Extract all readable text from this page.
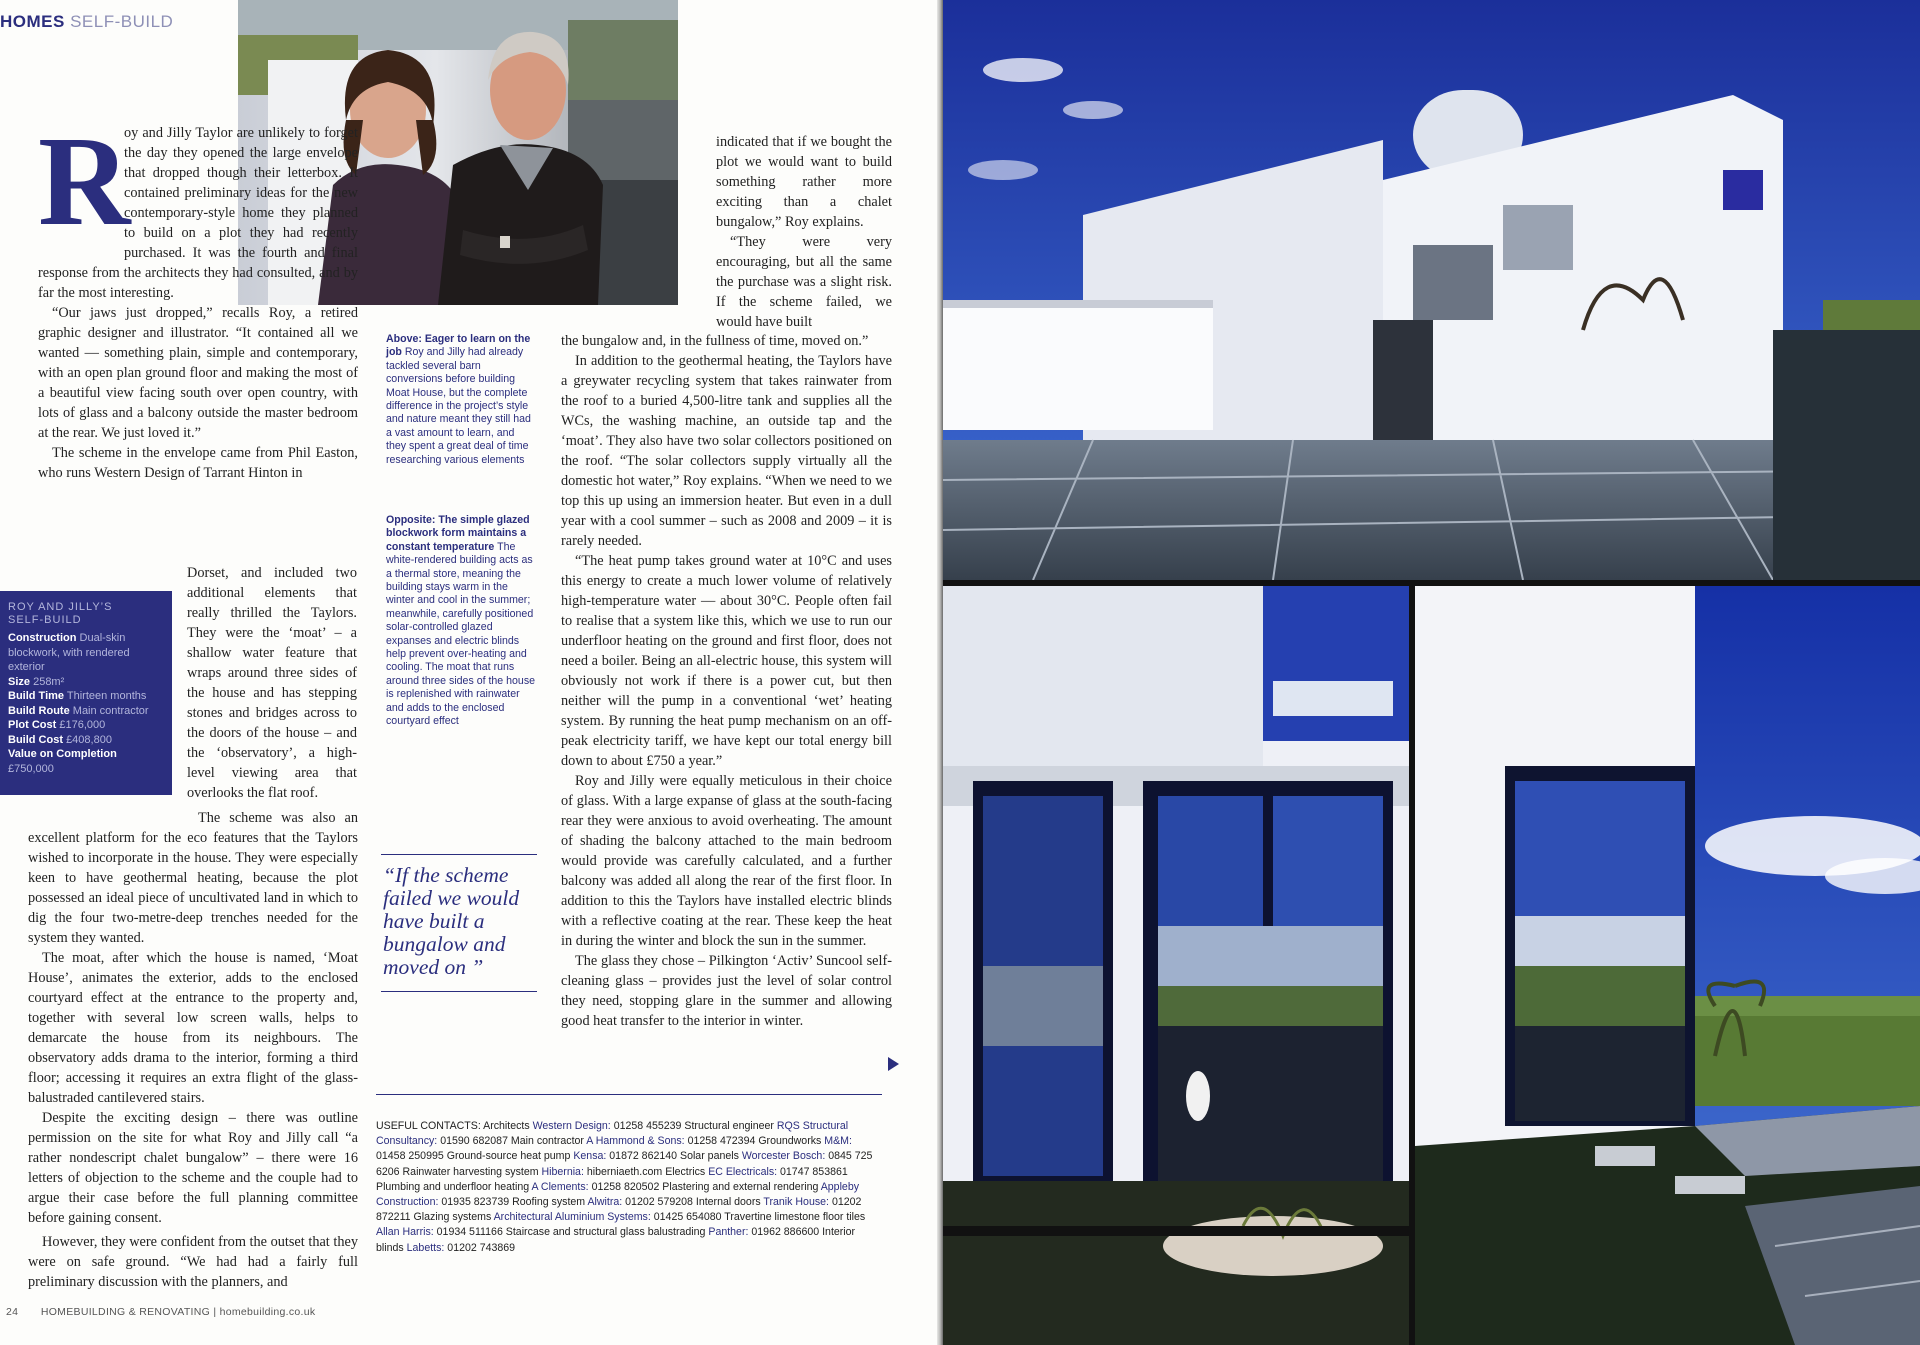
HOMES SELF-BUILD
R

oy and Jilly Taylor are unlikely to forget the day they opened the large envelope that dropped though their letterbox. It contained preliminary ideas for the new contemporary-style home they planned to build on a plot they had recently purchased. It was the fourth and final response from the architects they had consulted, and by far the most interesting.

“Our jaws just dropped,” recalls Roy, a retired graphic designer and illustrator. “It contained all we wanted — something plain, simple and contemporary, with an open plan ground floor and making the most of a beautiful view facing south over open country, with lots of glass and a balcony outside the master bedroom at the rear. We just loved it.”

The scheme in the envelope came from Phil Easton, who runs Western Design of Tarrant Hinton in

ROY AND JILLY’S
SELF-BUILD
Construction Dual-skin blockwork, with rendered exterior
Size 258m²
Build Time Thirteen months
Build Route Main contractor
Plot Cost £176,000
Build Cost £408,800
Value on Completion
£750,000

Dorset, and included two additional elements that really thrilled the Taylors. They were the ‘moat’ – a shallow water feature that wraps around three sides of the house and has stepping stones and bridges across to the doors of the house – and the ‘observatory’, a high-level viewing area that overlooks the flat roof.

The scheme was also an excellent platform for the eco features that the Taylors wished to incorporate in the house. They were especially keen to have geothermal heating, because the plot possessed an ideal piece of uncultivated land in which to dig the four two-metre-deep trenches needed for the system they wanted.

The moat, after which the house is named, ‘Moat House’, animates the exterior, adds to the enclosed courtyard effect at the entrance to the property and, together with several low screen walls, helps to demarcate the house from its neighbours. The observatory adds drama to the interior, forming a third floor; accessing it requires an extra flight of the glass-balustraded cantilevered stairs.

Despite the exciting design – there was outline permission on the site for what Roy and Jilly call “a rather nondescript chalet bungalow” – there were 16 letters of objection to the scheme and the couple had to argue their case before the full planning committee before gaining consent.

However, they were confident from the outset that they were on safe ground. “We had had a fairly full preliminary discussion with the planners, and

Above: Eager to learn on the job Roy and Jilly had already tackled several barn conversions before building Moat House, but the complete difference in the project’s style and nature meant they still had a vast amount to learn, and they spent a great deal of time researching various elements
Opposite: The simple glazed blockwork form maintains a constant temperature The white-rendered building acts as a thermal store, meaning the building stays warm in the winter and cool in the summer; meanwhile, carefully positioned solar-controlled glazed expanses and electric blinds help prevent over-heating and cooling. The moat that runs around three sides of the house is replenished with rainwater and adds to the enclosed courtyard effect
“If the scheme failed we would have built a bungalow and moved on ”

indicated that if we bought the plot we would want to build something rather more exciting than a chalet bungalow,” Roy explains.

“They were very encouraging, but all the same the purchase was a slight risk. If the scheme failed, we would have built

the bungalow and, in the fullness of time, moved on.”

In addition to the geothermal heating, the Taylors have a greywater recycling system that takes rainwater from the roof to a buried 4,500-litre tank and supplies all the WCs, the washing machine, an outside tap and the ‘moat’. They also have two solar collectors positioned on the roof. “The solar collectors supply virtually all the domestic hot water,” Roy explains. “When we need to we top this up using an immersion heater. But even in a dull year with a cool summer – such as 2008 and 2009 – it is rarely needed.

“The heat pump takes ground water at 10°C and uses this energy to create a much lower volume of relatively high-temperature water — about 30°C. People often fail to realise that a system like this, which we use to run our underfloor heating on the ground and first floor, does not need a boiler. Being an all-electric house, this system will obviously not work if there is a power cut, but then neither will the pump in a conventional ‘wet’ heating system. By running the heat pump mechanism on an off-peak electricity tariff, we have kept our total energy bill down to about £750 a year.”

Roy and Jilly were equally meticulous in their choice of glass. With a large expanse of glass at the south-facing rear they were anxious to avoid overheating. The amount of shading the balcony attached to the main bedroom would provide was carefully calculated, and a further balcony was added all along the rear of the first floor. In addition to this the Taylors have installed electric blinds with a reflective coating at the rear. These keep the heat in during the winter and block the sun in the summer.

The glass they chose – Pilkington ‘Activ’ Suncool self-cleaning glass – provides just the level of solar control they need, stopping glare in the summer and allowing good heat transfer to the interior in winter.

USEFUL CONTACTS: Architects Western Design: 01258 455239 Structural engineer RQS Structural Consultancy: 01590 682087 Main contractor A Hammond & Sons: 01258 472394 Groundworks M&M: 01458 250995 Ground-source heat pump Kensa: 01872 862140 Solar panels Worcester Bosch: 0845 725 6206 Rainwater harvesting system Hibernia: hiberniaeth.com Electrics EC Electricals: 01747 853861 Plumbing and underfloor heating A Clements: 01258 820502 Plastering and external rendering Appleby Construction: 01935 823739 Roofing system Alwitra: 01202 579208 Internal doors Tranik House: 01202 872211 Glazing systems Architectural Aluminium Systems: 01425 654080 Travertine limestone floor tiles Allan Harris: 01934 511166 Staircase and structural glass balustrading Panther: 01962 886600 Interior blinds Labetts: 01202 743869
24 HOMEBUILDING & RENOVATING | homebuilding.co.uk
